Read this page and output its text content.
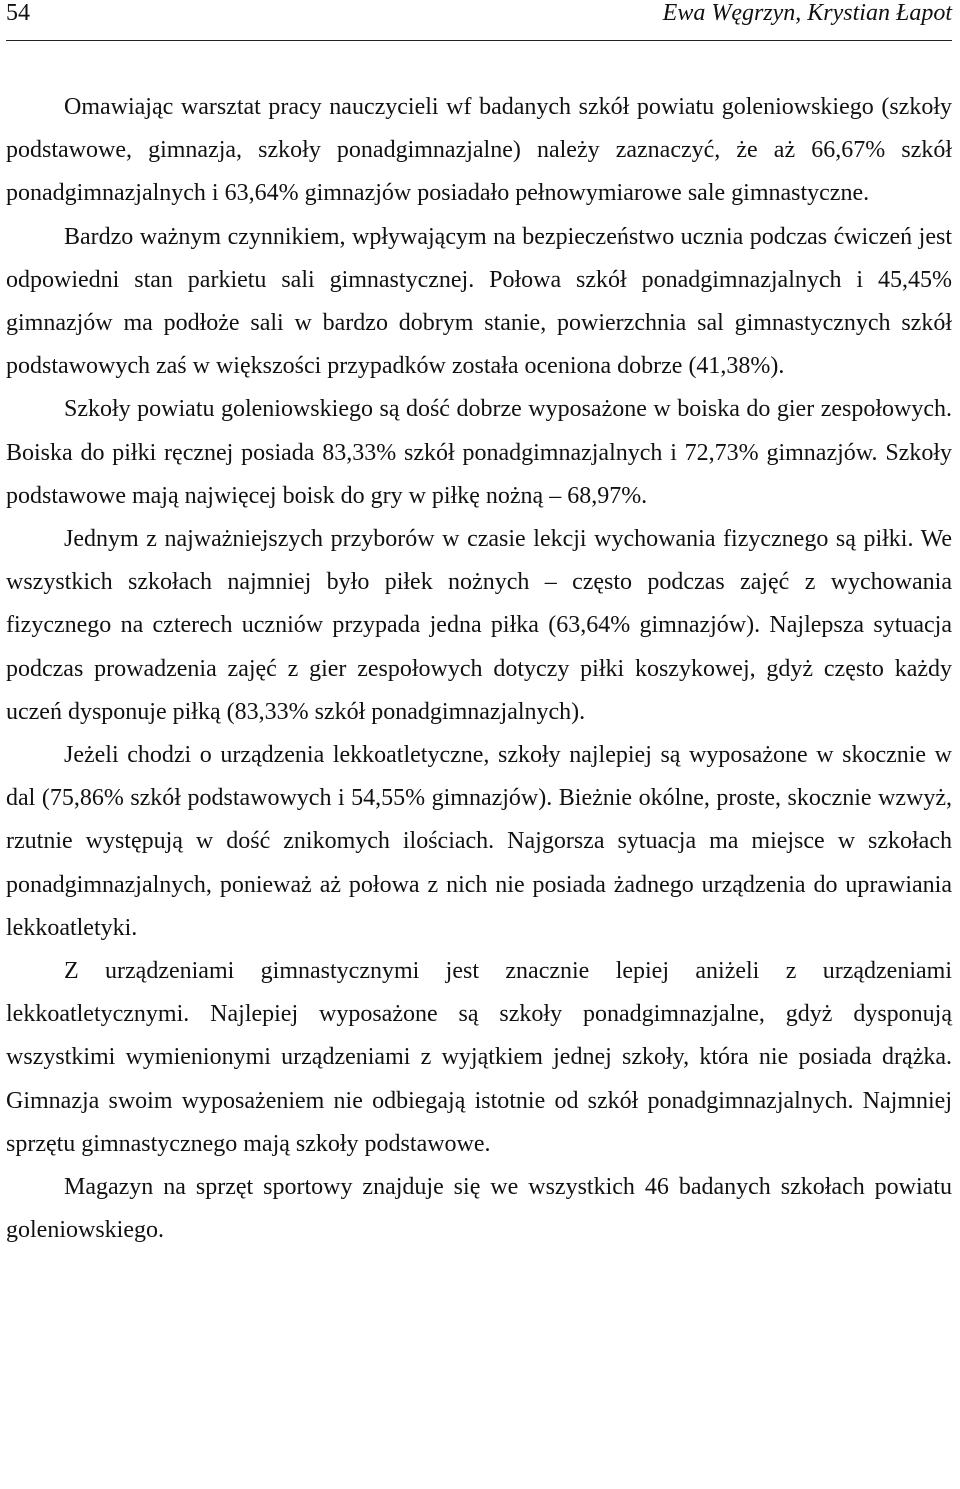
54	Ewa Węgrzyn, Krystian Łapot

Omawiając warsztat pracy nauczycieli wf badanych szkół powiatu goleniowskiego (szkoły podstawowe, gimnazja, szkoły ponadgimnazjalne) należy zaznaczyć, że aż 66,67% szkół ponadgimnazjalnych i 63,64% gimnazjów posiadało pełnowymiarowe sale gimnastyczne.

Bardzo ważnym czynnikiem, wpływającym na bezpieczeństwo ucznia podczas ćwiczeń jest odpowiedni stan parkietu sali gimnastycznej. Połowa szkół ponadgimnazjalnych i 45,45% gimnazjów ma podłoże sali w bardzo dobrym stanie, powierzchnia sal gimnastycznych szkół podstawowych zaś w większości przypadków została oceniona dobrze (41,38%).

Szkoły powiatu goleniowskiego są dość dobrze wyposażone w boiska do gier zespołowych. Boiska do piłki ręcznej posiada 83,33% szkół ponadgimnazjalnych i 72,73% gimnazjów. Szkoły podstawowe mają najwięcej boisk do gry w piłkę nożną – 68,97%.

Jednym z najważniejszych przyborów w czasie lekcji wychowania fizycznego są piłki. We wszystkich szkołach najmniej było piłek nożnych – często podczas zajęć z wychowania fizycznego na czterech uczniów przypada jedna piłka (63,64% gimnazjów). Najlepsza sytuacja podczas prowadzenia zajęć z gier zespołowych dotyczy piłki koszykowej, gdyż często każdy uczeń dysponuje piłką (83,33% szkół ponadgimnazjalnych).

Jeżeli chodzi o urządzenia lekkoatletyczne, szkoły najlepiej są wyposażone w skocznie w dal (75,86% szkół podstawowych i 54,55% gimnazjów). Bieżnie okólne, proste, skocznie wzwyż, rzutnie występują w dość znikomych ilościach. Najgorsza sytuacja ma miejsce w szkołach ponadgimnazjalnych, ponieważ aż połowa z nich nie posiada żadnego urządzenia do uprawiania lekkoatletyki.

Z urządzeniami gimnastycznymi jest znacznie lepiej aniżeli z urządzeniami lekkoatletycznymi. Najlepiej wyposażone są szkoły ponadgimnazjalne, gdyż dysponują wszystkimi wymienionymi urządzeniami z wyjątkiem jednej szkoły, która nie posiada drążka. Gimnazja swoim wyposażeniem nie odbiegają istotnie od szkół ponadgimnazjalnych. Najmniej sprzętu gimnastycznego mają szkoły podstawowe.

Magazyn na sprzęt sportowy znajduje się we wszystkich 46 badanych szkołach powiatu goleniowskiego.
